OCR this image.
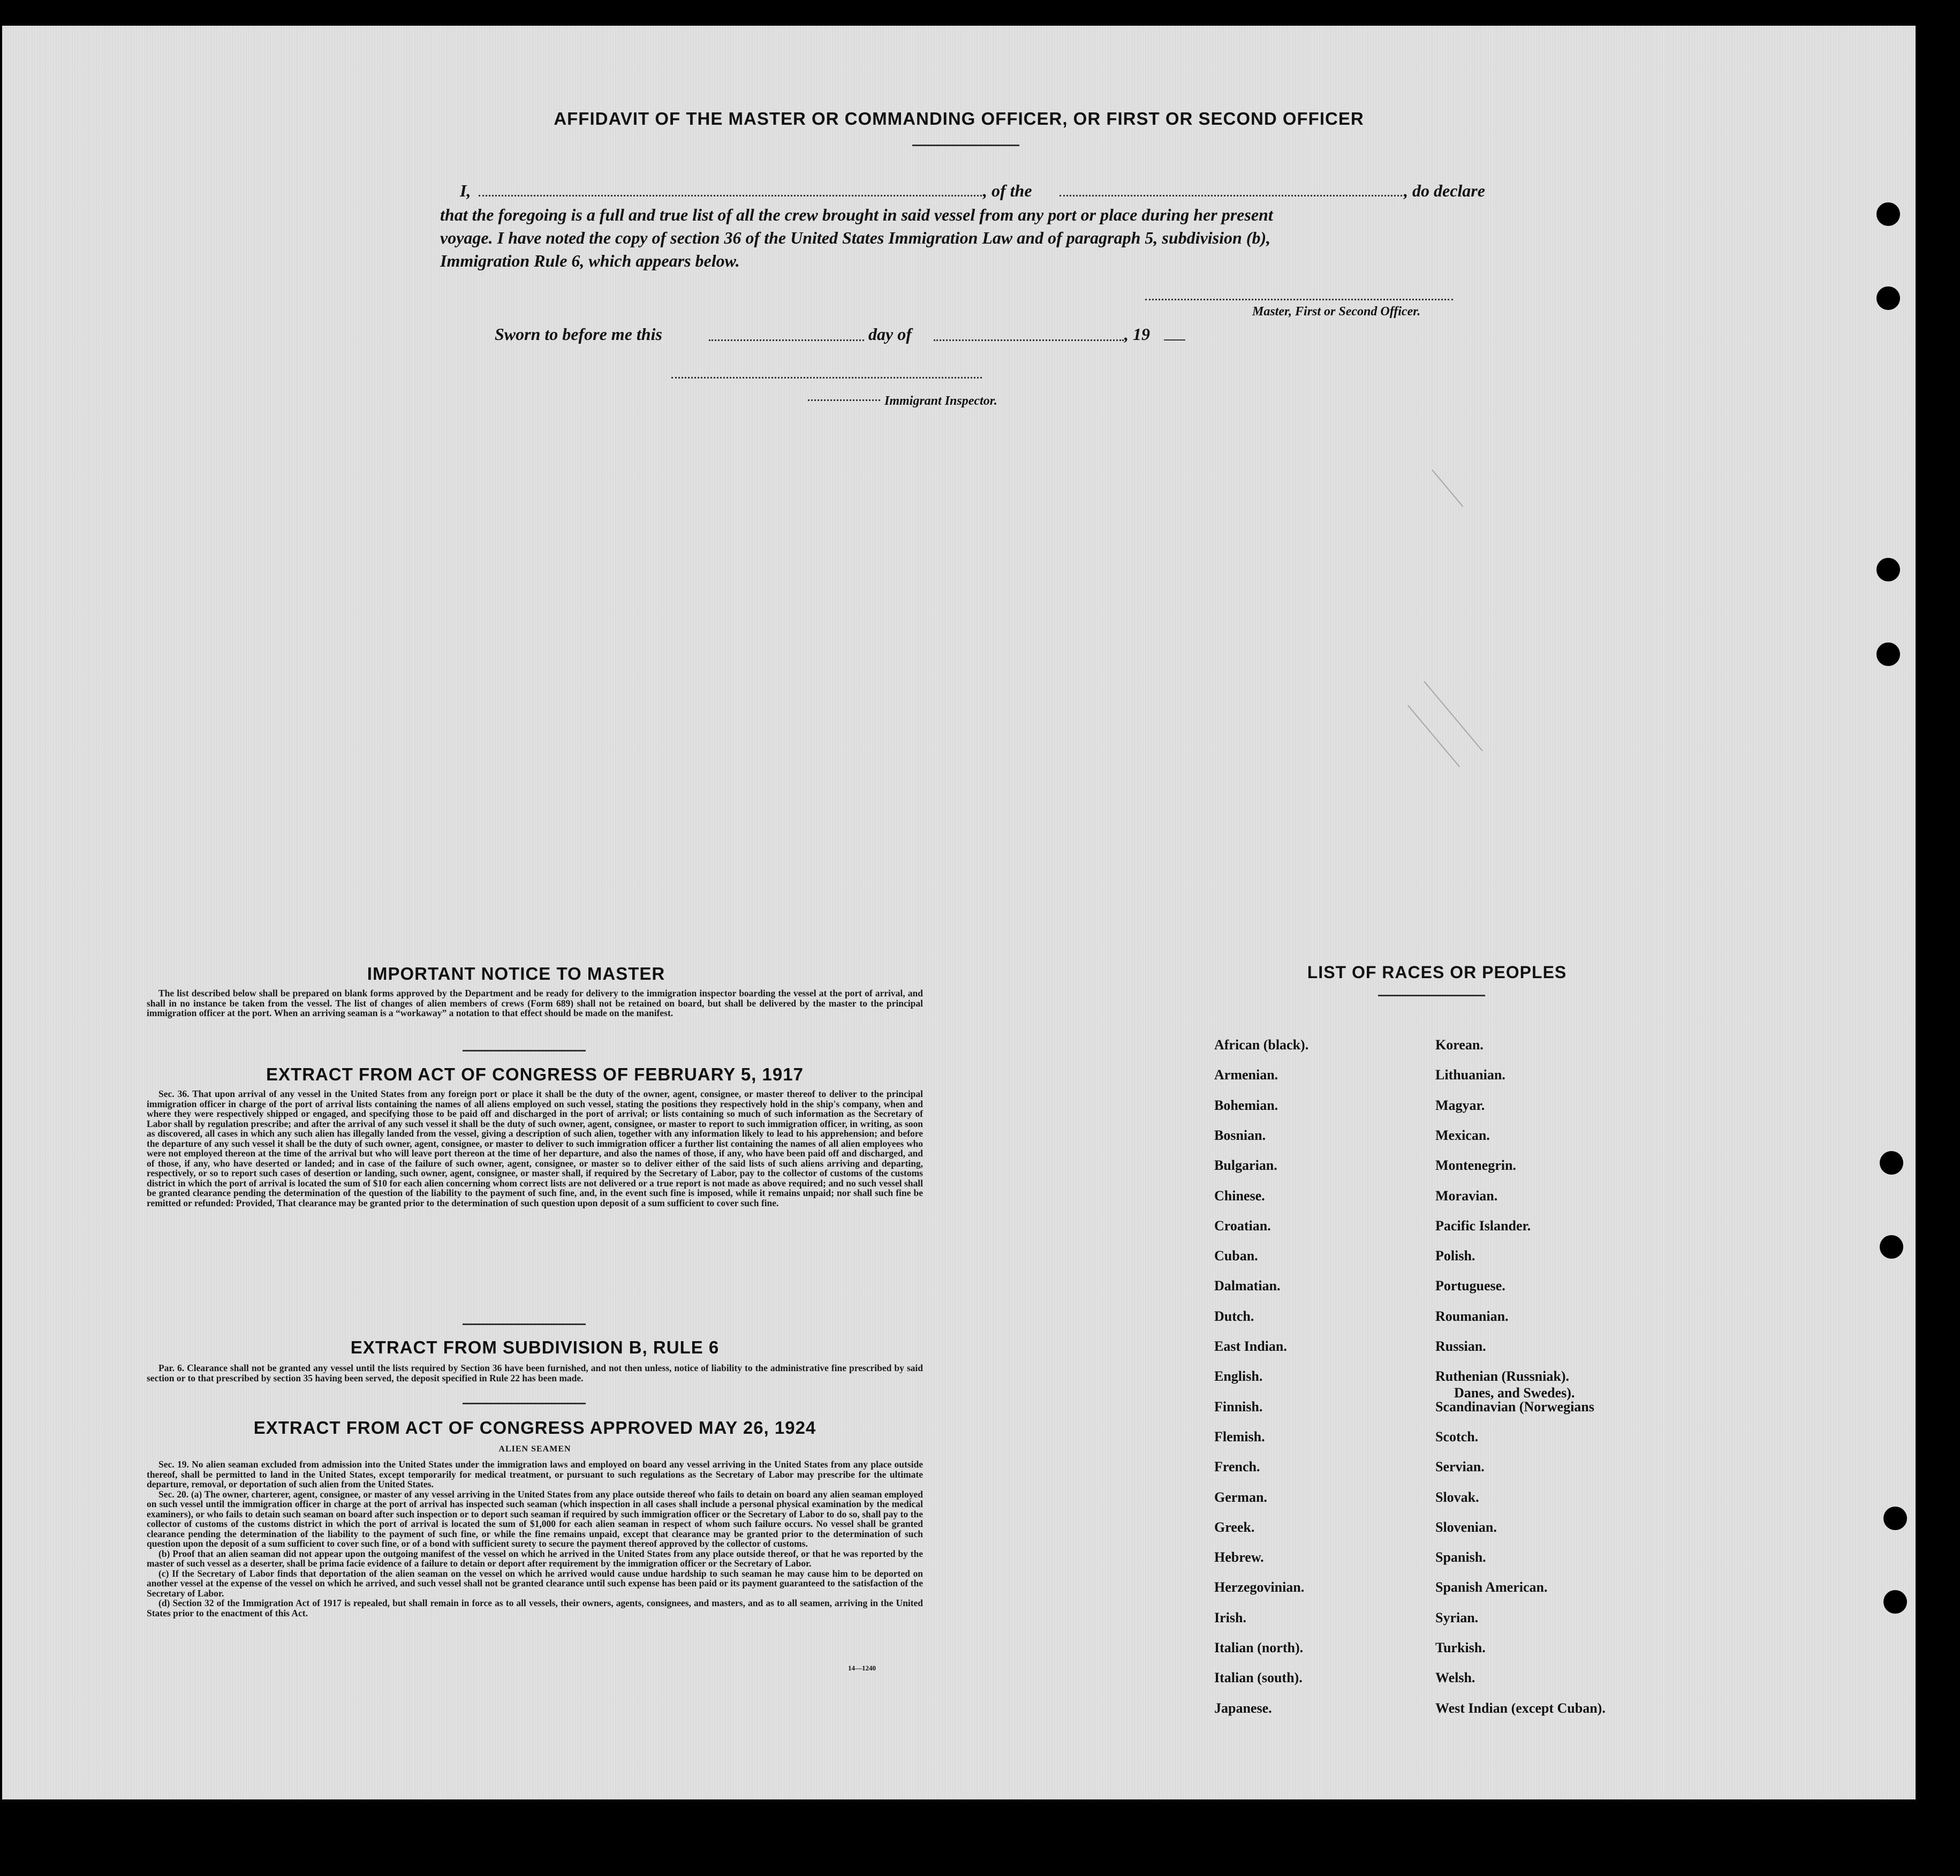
AFFIDAVIT OF THE MASTER OR COMMANDING OFFICER, OR FIRST OR SECOND OFFICER
I,	, of the	, do declare
that the foregoing is a full and true list of all the crew brought in said vessel from any port or place during her present
voyage. I have noted the copy of section 36 of the United States Immigration Law and of paragraph 5, subdivision (b),
Immigration Rule 6, which appears below.
Master, First or Second Officer.
Sworn to before me this	day of	, 19
Immigrant Inspector.
IMPORTANT NOTICE TO MASTER

The list described below shall be prepared on blank forms approved by the Department and be ready for delivery to the immigration inspector boarding the vessel at the port of arrival, and shall in no instance be taken from the vessel. The list of changes of alien members of crews (Form 689) shall not be retained on board, but shall be delivered by the master to the principal immigration officer at the port. When an arriving seaman is a “workaway” a notation to that effect should be made on the manifest.

EXTRACT FROM ACT OF CONGRESS OF FEBRUARY 5, 1917

Sec. 36. That upon arrival of any vessel in the United States from any foreign port or place it shall be the duty of the owner, agent, consignee, or master thereof to deliver to the principal immigration officer in charge of the port of arrival lists containing the names of all aliens employed on such vessel, stating the positions they respectively hold in the ship's company, when and where they were respectively shipped or engaged, and specifying those to be paid off and discharged in the port of arrival; or lists containing so much of such information as the Secretary of Labor shall by regulation prescribe; and after the arrival of any such vessel it shall be the duty of such owner, agent, consignee, or master to report to such immigration officer, in writing, as soon as discovered, all cases in which any such alien has illegally landed from the vessel, giving a description of such alien, together with any information likely to lead to his apprehension; and before the departure of any such vessel it shall be the duty of such owner, agent, consignee, or master to deliver to such immigration officer a further list containing the names of all alien employees who were not employed thereon at the time of the arrival but who will leave port thereon at the time of her departure, and also the names of those, if any, who have been paid off and discharged, and of those, if any, who have deserted or landed; and in case of the failure of such owner, agent, consignee, or master so to deliver either of the said lists of such aliens arriving and departing, respectively, or so to report such cases of desertion or landing, such owner, agent, consignee, or master shall, if required by the Secretary of Labor, pay to the collector of customs of the customs district in which the port of arrival is located the sum of $10 for each alien concerning whom correct lists are not delivered or a true report is not made as above required; and no such vessel shall be granted clearance pending the determination of the question of the liability to the payment of such fine, and, in the event such fine is imposed, while it remains unpaid; nor shall such fine be remitted or refunded: Provided, That clearance may be granted prior to the determination of such question upon deposit of a sum sufficient to cover such fine.

EXTRACT FROM SUBDIVISION B, RULE 6

Par. 6. Clearance shall not be granted any vessel until the lists required by Section 36 have been furnished, and not then unless, notice of liability to the administrative fine prescribed by said section or to that prescribed by section 35 having been served, the deposit specified in Rule 22 has been made.

EXTRACT FROM ACT OF CONGRESS APPROVED MAY 26, 1924
ALIEN SEAMEN

Sec. 19. No alien seaman excluded from admission into the United States under the immigration laws and employed on board any vessel arriving in the United States from any place outside thereof, shall be permitted to land in the United States, except temporarily for medical treatment, or pursuant to such regulations as the Secretary of Labor may prescribe for the ultimate departure, removal, or deportation of such alien from the United States.

Sec. 20. (a) The owner, charterer, agent, consignee, or master of any vessel arriving in the United States from any place outside thereof who fails to detain on board any alien seaman employed on such vessel until the immigration officer in charge at the port of arrival has inspected such seaman (which inspection in all cases shall include a personal physical examination by the medical examiners), or who fails to detain such seaman on board after such inspection or to deport such seaman if required by such immigration officer or the Secretary of Labor to do so, shall pay to the collector of customs of the customs district in which the port of arrival is located the sum of $1,000 for each alien seaman in respect of whom such failure occurs. No vessel shall be granted clearance pending the determination of the liability to the payment of such fine, or while the fine remains unpaid, except that clearance may be granted prior to the determination of such question upon the deposit of a sum sufficient to cover such fine, or of a bond with sufficient surety to secure the payment thereof approved by the collector of customs.

(b) Proof that an alien seaman did not appear upon the outgoing manifest of the vessel on which he arrived in the United States from any place outside thereof, or that he was reported by the master of such vessel as a deserter, shall be prima facie evidence of a failure to detain or deport after requirement by the immigration officer or the Secretary of Labor.

(c) If the Secretary of Labor finds that deportation of the alien seaman on the vessel on which he arrived would cause undue hardship to such seaman he may cause him to be deported on another vessel at the expense of the vessel on which he arrived, and such vessel shall not be granted clearance until such expense has been paid or its payment guaranteed to the satisfaction of the Secretary of Labor.

(d) Section 32 of the Immigration Act of 1917 is repealed, but shall remain in force as to all vessels, their owners, agents, consignees, and masters, and as to all seamen, arriving in the United States prior to the enactment of this Act.

14—1240
LIST OF RACES OR PEOPLES
Danes, and Swedes).
African (black).
Armenian.
Bohemian.
Bosnian.
Bulgarian.
Chinese.
Croatian.
Cuban.
Dalmatian.
Dutch.
East Indian.
English.
Finnish.
Flemish.
French.
German.
Greek.
Hebrew.
Herzegovinian.
Irish.
Italian (north).
Italian (south).
Japanese.
Korean.
Lithuanian.
Magyar.
Mexican.
Montenegrin.
Moravian.
Pacific Islander.
Polish.
Portuguese.
Roumanian.
Russian.
Ruthenian (Russniak).
Scandinavian (Norwegians
Scotch.
Servian.
Slovak.
Slovenian.
Spanish.
Spanish American.
Syrian.
Turkish.
Welsh.
West Indian (except Cuban).
